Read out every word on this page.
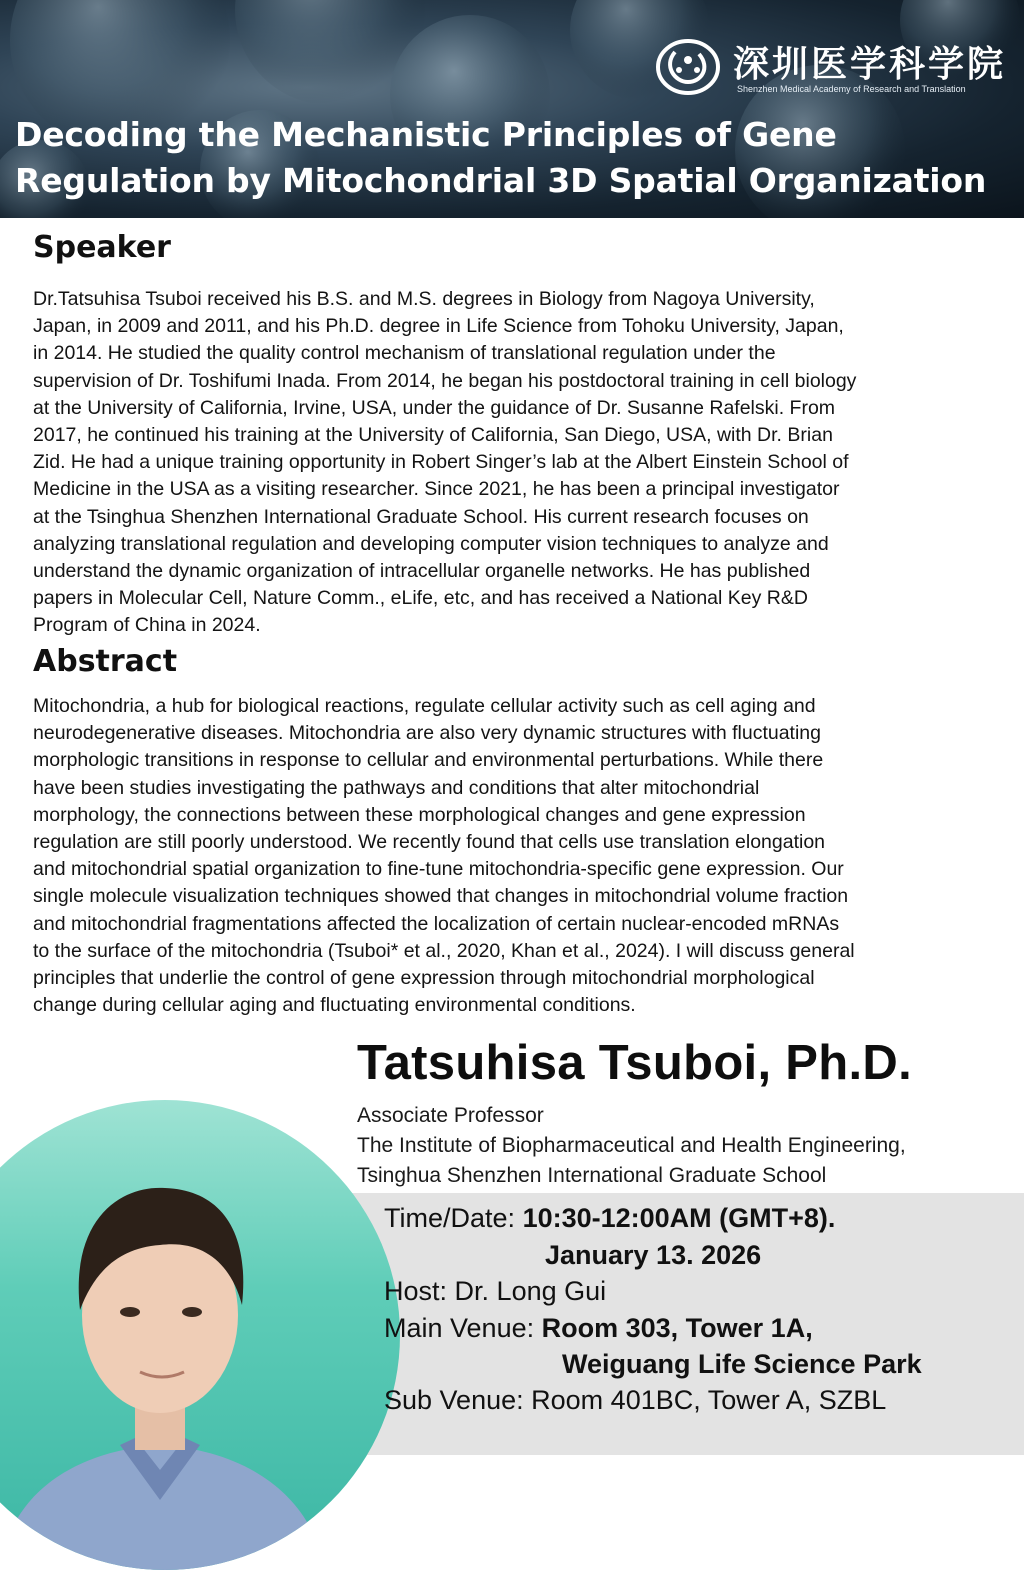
深圳医学科学院
Shenzhen Medical Academy of Research and Translation
Decoding the Mechanistic Principles of Gene
Regulation by Mitochondrial 3D Spatial Organization
Speaker
Dr.Tatsuhisa Tsuboi received his B.S. and M.S. degrees in Biology from Nagoya University,
Japan, in 2009 and 2011, and his Ph.D. degree in Life Science from Tohoku University, Japan,
in 2014. He studied the quality control mechanism of translational regulation under the
supervision of Dr. Toshifumi Inada. From 2014, he began his postdoctoral training in cell biology
at the University of California, Irvine, USA, under the guidance of Dr. Susanne Rafelski. From
2017, he continued his training at the University of California, San Diego, USA, with Dr. Brian
Zid. He had a unique training opportunity in Robert Singer’s lab at the Albert Einstein School of
Medicine in the USA as a visiting researcher. Since 2021, he has been a principal investigator
at the Tsinghua Shenzhen International Graduate School. His current research focuses on
analyzing translational regulation and developing computer vision techniques to analyze and
understand the dynamic organization of intracellular organelle networks. He has published
papers in Molecular Cell, Nature Comm., eLife, etc, and has received a National Key R&D
Program of China in 2024.
Abstract
Mitochondria, a hub for biological reactions, regulate cellular activity such as cell aging and
neurodegenerative diseases. Mitochondria are also very dynamic structures with fluctuating
morphologic transitions in response to cellular and environmental perturbations. While there
have been studies investigating the pathways and conditions that alter mitochondrial
morphology, the connections between these morphological changes and gene expression
regulation are still poorly understood. We recently found that cells use translation elongation
and mitochondrial spatial organization to fine-tune mitochondria-specific gene expression. Our
single molecule visualization techniques showed that changes in mitochondrial volume fraction
and mitochondrial fragmentations affected the localization of certain nuclear-encoded mRNAs
to the surface of the mitochondria (Tsuboi* et al., 2020, Khan et al., 2024). I will discuss general
principles that underlie the control of gene expression through mitochondrial morphological
change during cellular aging and fluctuating environmental conditions.
Tatsuhisa Tsuboi, Ph.D.
Associate Professor
The Institute of Biopharmaceutical and Health Engineering,
Tsinghua Shenzhen International Graduate School
Time/Date: 10:30-12:00AM (GMT+8).
January 13. 2026
Host: Dr. Long Gui
Main Venue: Room 303, Tower 1A,
Weiguang Life Science Park
Sub Venue: Room 401BC, Tower A, SZBL
